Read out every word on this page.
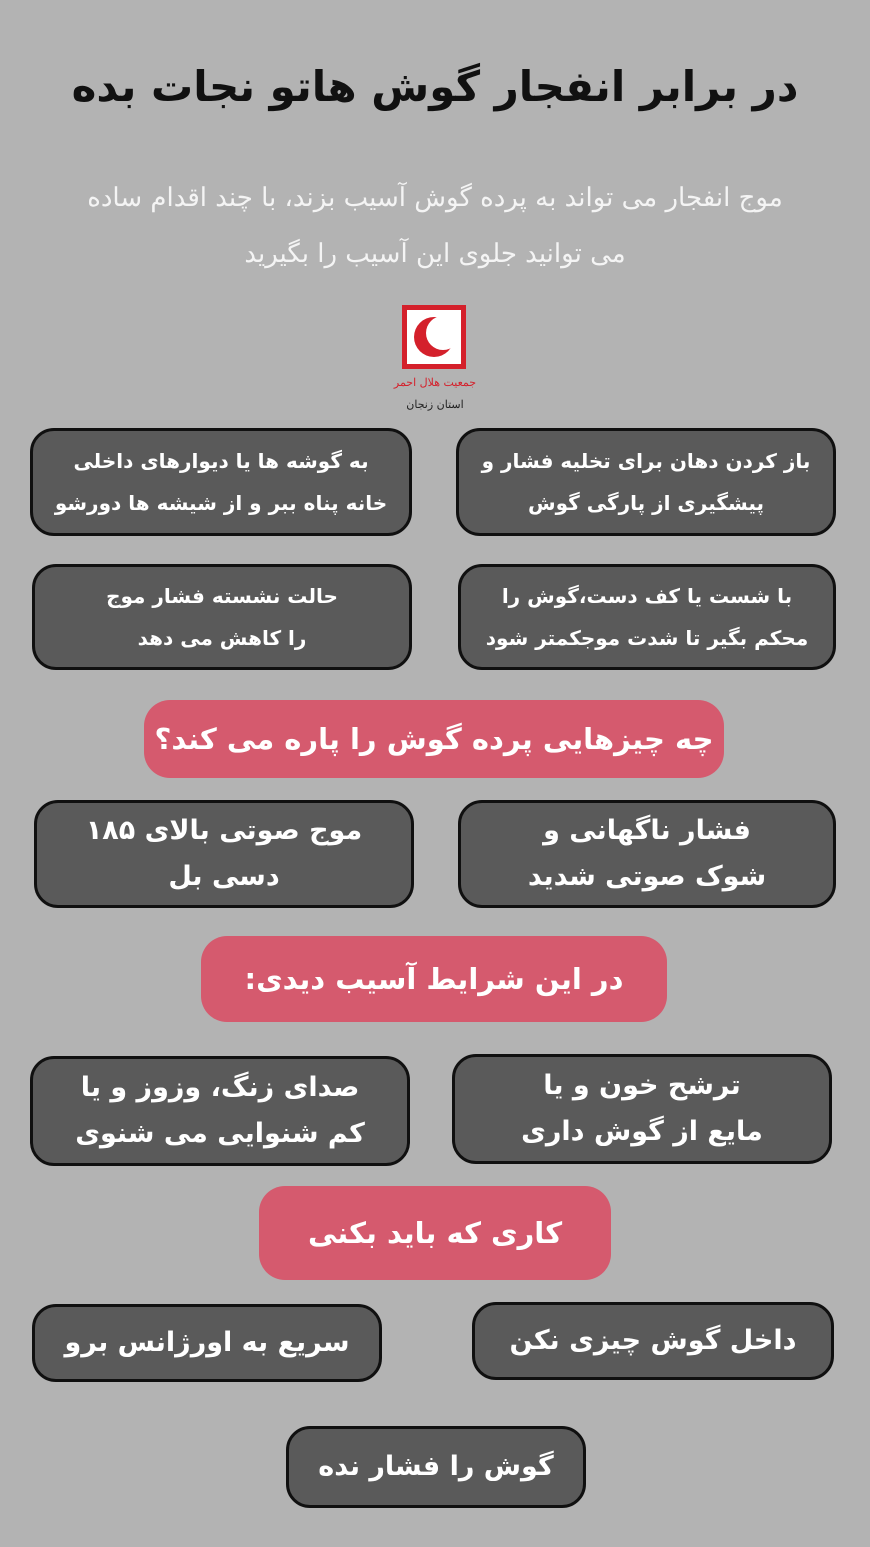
در برابر انفجار گوش هاتو نجات بده
موج انفجار می تواند به پرده گوش آسیب بزند، با چند اقدام ساده
می توانید جلوی این آسیب را بگیرید
جمعیت هلال احمر
استان زنجان
باز کردن دهان برای تخلیه فشار و
پیشگیری از پارگی گوش
به گوشه ها یا دیوارهای داخلی
خانه پناه ببر و از شیشه ها دورشو
با شست یا کف دست،گوش را
محکم بگیر تا شدت موجکمتر شود
حالت نشسته فشار موج
را کاهش می دهد
چه چیزهایی پرده گوش را پاره می کند؟
فشار ناگهانی و
شوک صوتی شدید
موج صوتی بالای ۱۸۵
دسی بل
در این شرایط آسیب دیدی:
ترشح خون و یا
مایع از گوش داری
صدای زنگ، وزوز و یا
کم شنوایی می شنوی
کاری که باید بکنی
داخل گوش چیزی نکن
سریع به اورژانس برو
گوش را فشار نده
